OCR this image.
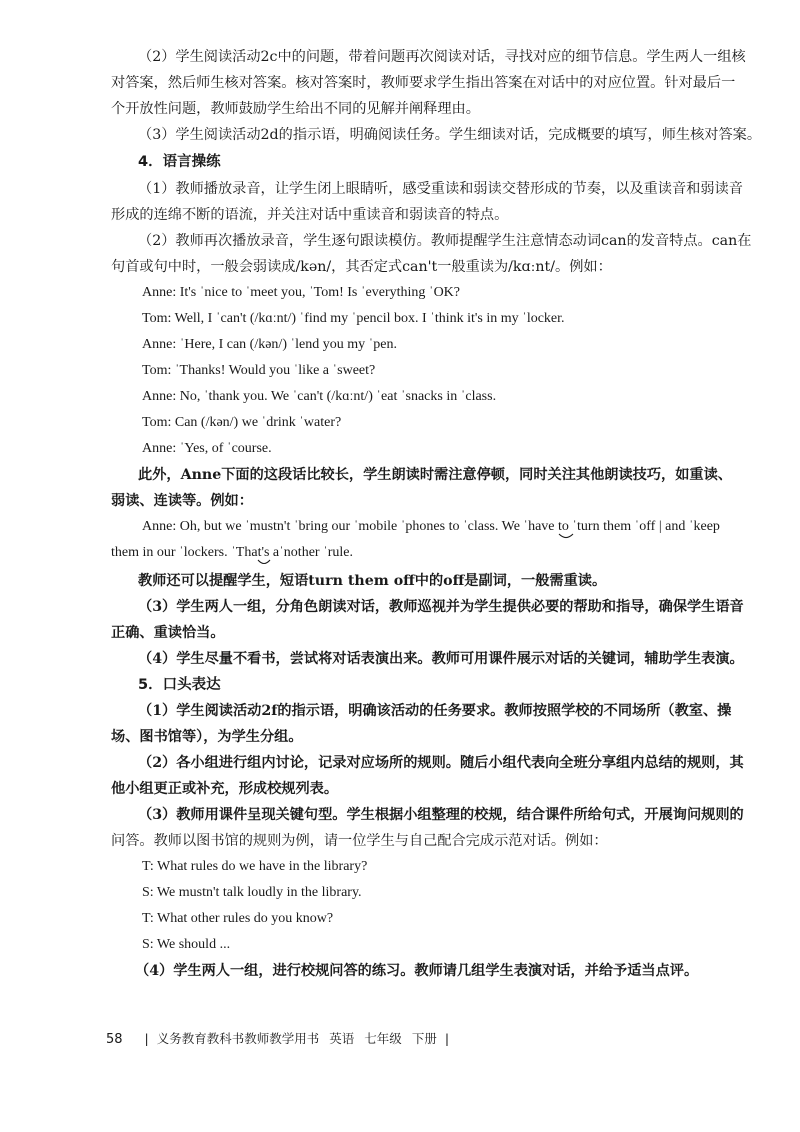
（2）学生阅读活动2c中的问题，带着问题再次阅读对话，寻找对应的细节信息。学生两人一组核
对答案，然后师生核对答案。核对答案时，教师要求学生指出答案在对话中的对应位置。针对最后一
个开放性问题，教师鼓励学生给出不同的见解并阐释理由。
（3）学生阅读活动2d的指示语，明确阅读任务。学生细读对话，完成概要的填写，师生核对答案。
4．语言操练
（1）教师播放录音，让学生闭上眼睛听，感受重读和弱读交替形成的节奏，以及重读音和弱读音
形成的连绵不断的语流，并关注对话中重读音和弱读音的特点。
（2）教师再次播放录音，学生逐句跟读模仿。教师提醒学生注意情态动词can的发音特点。can在
句首或句中时，一般会弱读成/kən/，其否定式can't一般重读为/kɑːnt/。例如：
Anne: It's ˈnice to ˈmeet you, ˈTom! Is ˈeverything ˈOK?
Tom: Well, I ˈcan't (/kɑːnt/) ˈfind my ˈpencil box. I ˈthink it's in my ˈlocker.
Anne: ˈHere, I can (/kən/) ˈlend you my ˈpen.
Tom: ˈThanks! Would you ˈlike a ˈsweet?
Anne: No, ˈthank you. We ˈcan't (/kɑːnt/) ˈeat ˈsnacks in ˈclass.
Tom: Can (/kən/) we ˈdrink ˈwater?
Anne: ˈYes, of ˈcourse.
此外，Anne下面的这段话比较长，学生朗读时需注意停顿，同时关注其他朗读技巧，如重读、
弱读、连读等。例如：
Anne: Oh, but we ˈmustn't ˈbring our ˈmobile ˈphones to ˈclass. We ˈhave to ˈturn them ˈoff | and ˈkeep
them in our ˈlockers. ˈThat's aˈnother ˈrule.
教师还可以提醒学生，短语turn them off中的off是副词，一般需重读。
（3）学生两人一组，分角色朗读对话，教师巡视并为学生提供必要的帮助和指导，确保学生语音
正确、重读恰当。
（4）学生尽量不看书，尝试将对话表演出来。教师可用课件展示对话的关键词，辅助学生表演。
5．口头表达
（1）学生阅读活动2f的指示语，明确该活动的任务要求。教师按照学校的不同场所（教室、操
场、图书馆等），为学生分组。
（2）各小组进行组内讨论，记录对应场所的规则。随后小组代表向全班分享组内总结的规则，其
他小组更正或补充，形成校规列表。
（3）教师用课件呈现关键句型。学生根据小组整理的校规，结合课件所给句式，开展询问规则的
问答。教师以图书馆的规则为例，请一位学生与自己配合完成示范对话。例如：
T: What rules do we have in the library?
S: We mustn't talk loudly in the library.
T: What other rules do you know?
S: We should ...
（4）学生两人一组，进行校规问答的练习。教师请几组学生表演对话，并给予适当点评。
58 | 义务教育教科书教师教学用书 英语 七年级 下册 |
